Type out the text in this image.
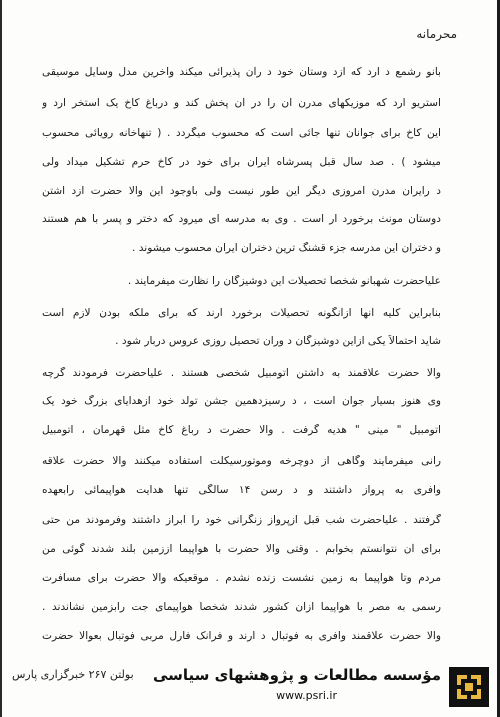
محرمانه
بانو رشمع د ارد که ازد وستان خود د رآن پذیرائی میکند وآخرین مدل وسایل موسیقی
استریو ارد که موزیکهای مدرن آن را در آن پخش کند و درباغ کاخ یک استخر ارد و
این کاخ برای جوانان تنها جائی است که محسوب میگردد . ( تنهاخانه رویائی محسوب
میشود ) . صد سال قبل پسرشاه ایران برای خود در کاخ حرم تشکیل میداد ولی
د رایران مدرن امروزی دیگر این طور نیست ولی باوجود این والا حضرت ازد اشتن
دوستان مونث برخورد ار است . وی به مدرسه ای میرود که دختر و پسر با هم هستند
و دختران این مدرسه جزء قشنگ ترین دختران ایران محسوب میشوند .
علیاحضرت شهبانو شخصاً تحصیلات این دوشیزگان را نظارت میفرمایند .
بنابراین کلیه آنها ازآنگونه تحصیلات برخورد ارند که برای ملکه بودن لازم است
شاید احتمالاً یکی ازاین دوشیزگان د وران تحصیل روزی عروس دربار شود .
والا حضرت علاقمند به داشتن اتومبیل شخصی هستند . علیاحضرت فرمودند گرچه
وی هنوز بسیار جوان است ، د رسیزدهمین جشن تولد خود ازهدایای بزرگ خود یک
اتومبیل " مینی " هدیه گرفت . والا حضرت د رباغ کاخ مثل قهرمان ، اتومبیل
رانی میفرمایند وگاهی از دوچرخه وموتورسیکلت استفاده میکنند والا حضرت علاقه
وافری به پرواز داشتند و د رسن ۱۴ سالگی تنها هدایت هواپیمائی رابعهده
گرفتند . علیاحضرت شب قبل ازپرواز زنگرانی خود را ابراز داشتند وفرمودند من حتی
برای آن نتوانستم بخوابم . وقتی والا حضرت با هواپیما اززمین بلند شدند گوئی من
مردم وتا هواپیما به زمین نشست زنده نشدم . موقعیکه والا حضرت برای مسافرت
رسمی به مصر با هواپیما ازآن کشور شدند شخصاً هواپیمای جت رابزمین نشاندند .
والا حضرت علاقمند وافری به فوتبال د ارند و فرانک فارل مربی فوتبال بعوالا حضرت
مؤسسه مطالعات و پژوهشهای سیاسی
www.psri.ir
بولتن ۲۶۷ خبرگزاری پارس
